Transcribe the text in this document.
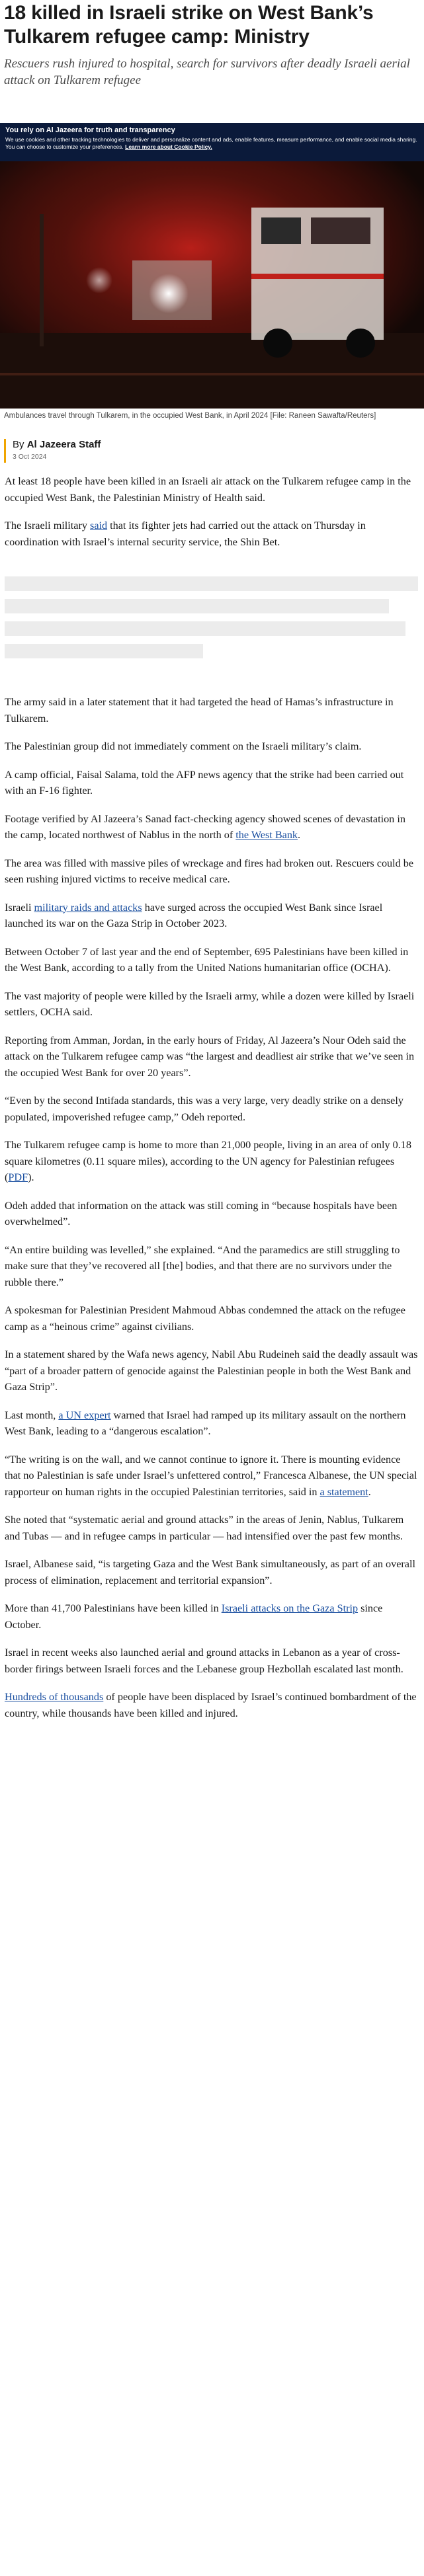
18 killed in Israeli strike on West Bank’s Tulkarem refugee camp: Ministry

Rescuers rush injured to hospital, search for survivors after deadly Israeli aerial attack on Tulkarem refugee

You rely on Al Jazeera for truth and transparency
We use cookies and other tracking technologies to deliver and personalize content and ads, enable features, measure performance, and enable social media sharing. You can choose to customize your preferences. Learn more about Cookie Policy.
Ambulances travel through Tulkarem, in the occupied West Bank, in April 2024 [File: Raneen Sawafta/Reuters]
By Al Jazeera Staff
3 Oct 2024

At least 18 people have been killed in an Israeli air attack on the Tulkarem refugee camp in the occupied West Bank, the Palestinian Ministry of Health said.

The Israeli military said that its fighter jets had carried out the attack on Thursday in coordination with Israel’s internal security service, the Shin Bet.

The army said in a later statement that it had targeted the head of Hamas’s infrastructure in Tulkarem.

The Palestinian group did not immediately comment on the Israeli military’s claim.

A camp official, Faisal Salama, told the AFP news agency that the strike had been carried out with an F-16 fighter.

Footage verified by Al Jazeera’s Sanad fact-checking agency showed scenes of devastation in the camp, located northwest of Nablus in the north of the West Bank.

The area was filled with massive piles of wreckage and fires had broken out. Rescuers could be seen rushing injured victims to receive medical care.

Israeli military raids and attacks have surged across the occupied West Bank since Israel launched its war on the Gaza Strip in October 2023.

Between October 7 of last year and the end of September, 695 Palestinians have been killed in the West Bank, according to a tally from the United Nations humanitarian office (OCHA).

The vast majority of people were killed by the Israeli army, while a dozen were killed by Israeli settlers, OCHA said.

Reporting from Amman, Jordan, in the early hours of Friday, Al Jazeera’s Nour Odeh said the attack on the Tulkarem refugee camp was “the largest and deadliest air strike that we’ve seen in the occupied West Bank for over 20 years”.

“Even by the second Intifada standards, this was a very large, very deadly strike on a densely populated, impoverished refugee camp,” Odeh reported.

The Tulkarem refugee camp is home to more than 21,000 people, living in an area of only 0.18 square kilometres (0.11 square miles), according to the UN agency for Palestinian refugees (PDF).

Odeh added that information on the attack was still coming in “because hospitals have been overwhelmed”.

“An entire building was levelled,” she explained. “And the paramedics are still struggling to make sure that they’ve recovered all [the] bodies, and that there are no survivors under the rubble there.”

A spokesman for Palestinian President Mahmoud Abbas condemned the attack on the refugee camp as a “heinous crime” against civilians.

In a statement shared by the Wafa news agency, Nabil Abu Rudeineh said the deadly assault was “part of a broader pattern of genocide against the Palestinian people in both the West Bank and Gaza Strip”.

Last month, a UN expert warned that Israel had ramped up its military assault on the northern West Bank, leading to a “dangerous escalation”.

“The writing is on the wall, and we cannot continue to ignore it. There is mounting evidence that no Palestinian is safe under Israel’s unfettered control,” Francesca Albanese, the UN special rapporteur on human rights in the occupied Palestinian territories, said in a statement.

She noted that “systematic aerial and ground attacks” in the areas of Jenin, Nablus, Tulkarem and Tubas — and in refugee camps in particular — had intensified over the past few months.

Israel, Albanese said, “is targeting Gaza and the West Bank simultaneously, as part of an overall process of elimination, replacement and territorial expansion”.

More than 41,700 Palestinians have been killed in Israeli attacks on the Gaza Strip since October.

Israel in recent weeks also launched aerial and ground attacks in Lebanon as a year of cross-border firings between Israeli forces and the Lebanese group Hezbollah escalated last month.

Hundreds of thousands of people have been displaced by Israel’s continued bombardment of the country, while thousands have been killed and injured.
